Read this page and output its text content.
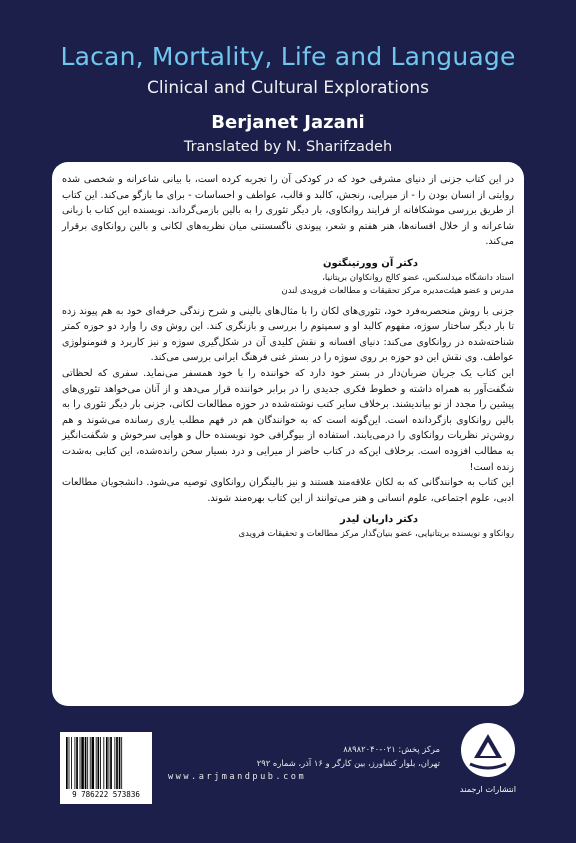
Lacan, Mortality, Life and Language
Clinical and Cultural Explorations
Berjanet Jazani
Translated by N. Sharifzadeh

در این کتاب جزنی از دنیای مشرقی خود که در کودکی آن را تجربه کرده است، با بیانی شاعرانه و شخصی شده روایتی از انسان بودن را - از میرایی، رنجش، کالبد و قالب، عواطف و احساسات - برای ما بازگو می‌کند. این کتاب از طریق بررسی موشکافانه از فرایند روانکاوی، بار دیگر تئوری را به بالین بازمی‌گرداند. نویسنده این کتاب با زبانی شاعرانه و از خلال افسانه‌ها، هنر هفتم و شعر، پیوندی ناگسستنی میان نظریه‌های لکانی و بالین روانکاوی برقرار می‌کند.

دکتر آن وورتینگتون
استاد دانشگاه میدلسکس، عضو کالج روانکاوان بریتانیا،
مدرس و عضو هیئت‌مدیره مرکز تحقیقات و مطالعات فرویدی لندن

جزنی با روش منحصربه‌فرد خود، تئوری‌های لکان را با مثال‌های بالینی و شرح زندگی حرفه‌ای خود به هم پیوند زده تا بار دیگر ساختار سوژه، مفهوم کالبد او و سمپتوم را بررسی و بازنگری کند. این روش وی را وارد دو حوزه کمتر شناخته‌شده در روانکاوی می‌کند: دنیای افسانه و نقش کلیدی آن در شکل‌گیری سوژه و نیز کاربرد و فنومنولوژی عواطف. وی نقش این دو حوزه بر روی سوژه را در بستر غنی فرهنگ ایرانی بررسی می‌کند.

این کتاب یک جریان ضربان‌دار در بستر خود دارد که خواننده را با خود همسفر می‌نماید. سفری که لحظاتی شگفت‌آور به همراه داشته و خطوط فکری جدیدی را در برابر خواننده قرار می‌دهد و از آنان می‌خواهد تئوری‌های پیشین را مجدد از نو بیاندیشند. برخلاف سایر کتب نوشته‌شده در حوزه مطالعات لکانی، جزنی بار دیگر تئوری را به بالین روانکاوی بازگردانده است. این‌گونه است که به خوانندگان هم در فهم مطلب یاری رسانده می‌شوند و هم روشن‌تر نظریات روانکاوی را درمی‌یابند. استفاده از بیوگرافی خود نویسنده حال و هوایی سرخوش و شگفت‌انگیز به مطالب افزوده است. برخلاف این‌که در کتاب حاضر از میرایی و درد بسیار سخن رانده‌شده، این کتابی به‌شدت زنده است!

این کتاب به خوانندگانی که به لکان علاقه‌مند هستند و نیز بالینگران روانکاوی توصیه می‌شود. دانشجویان مطالعات ادبی، علوم اجتماعی، علوم انسانی و هنر می‌توانند از این کتاب بهره‌مند شوند.

دکتر داریان لیدر
روانکاو و نویسنده بریتانیایی، عضو بنیان‌گذار مرکز مطالعات و تحقیقات فرویدی
9 786222 573836
مرکز پخش: ۰۲۱-۸۸۹۸۲۰۴۰
تهران، بلوار کشاورز، بین کارگر و ۱۶ آذر، شماره ۲۹۲
www.arjmandpub.com
انتشارات ارجمند
